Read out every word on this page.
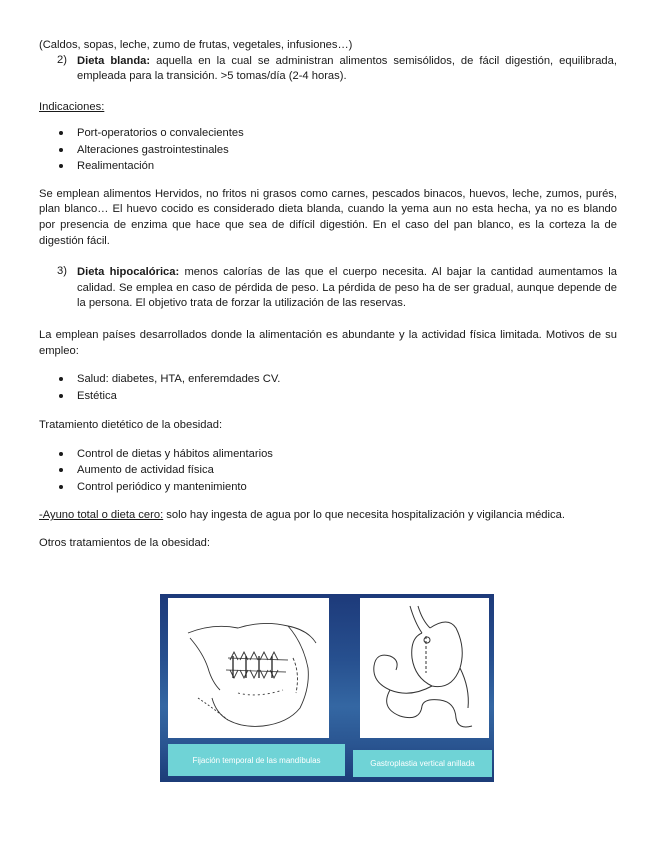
(Caldos, sopas, leche, zumo de frutas, vegetales, infusiones…)

2) Dieta blanda: aquella en la cual se administran alimentos semisólidos, de fácil digestión, equilibrada, empleada para la transición. >5 tomas/día (2-4 horas).

Indicaciones:

Port-operatorios o convalecientes
Alteraciones gastrointestinales
Realimentación

Se emplean alimentos Hervidos, no fritos ni grasos como carnes, pescados binacos, huevos, leche, zumos, purés, plan blanco… El huevo cocido es considerado dieta blanda, cuando la yema aun no esta hecha, ya no es blando por presencia de enzima que hace que sea de difícil digestión. En el caso del pan blanco, es la corteza la de digestión fácil.

3) Dieta hipocalórica: menos calorías de las que el cuerpo necesita. Al bajar la cantidad aumentamos la calidad. Se emplea en caso de pérdida de peso. La pérdida de peso ha de ser gradual, aunque depende de la persona. El objetivo trata de forzar la utilización de las reservas.

La emplean países desarrollados donde la alimentación es abundante y la actividad física limitada. Motivos de su empleo:

Salud: diabetes, HTA, enferemdades CV.
Estética

Tratamiento dietético de la obesidad:

Control de dietas y hábitos alimentarios
Aumento de actividad física
Control periódico y mantenimiento

-Ayuno total o dieta cero: solo hay ingesta de agua por lo que necesita hospitalización y vigilancia médica.

Otros tratamientos de la obesidad:

Fijación temporal de las mandíbulas	Gastroplastia vertical anillada
